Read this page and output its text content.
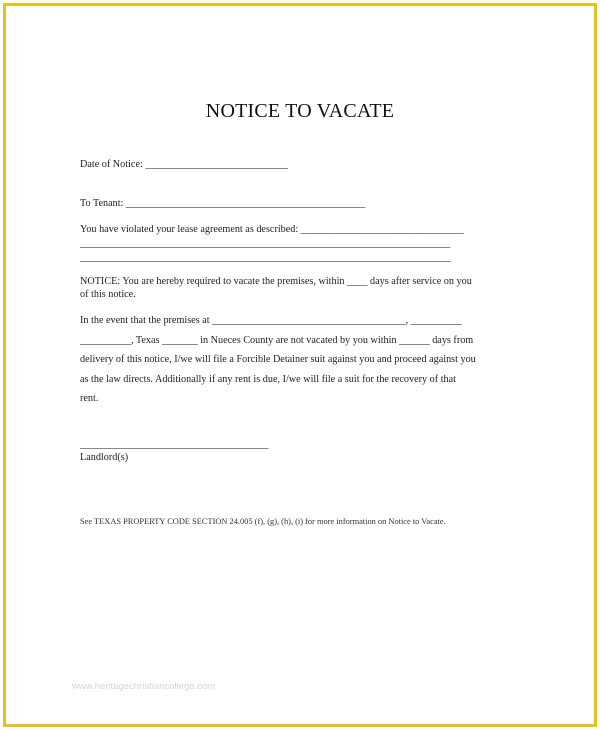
NOTICE TO VACATE
Date of Notice: ____________________________
To Tenant: _______________________________________________
You have violated your lease agreement as described: ________________________________
______________________________________________________________________________
______________________________________________________________________________
NOTICE: You are hereby required to vacate the premises, within ____ days after service on you
of this notice.
In the event that the premises at ______________________________________, __________
__________, Texas _______ in Nueces County are not vacated by you within ______ days from
delivery of this notice, I/we will file a Forcible Detainer suit against you and proceed against you
as the law directs. Additionally if any rent is due, I/we will file a suit for the recovery of that
rent.
_____________________________________
Landlord(s)
See TEXAS PROPERTY CODE SECTION 24.005 (f), (g), (h), (i) for more information on Notice to Vacate.
www.heritagechristiancollege.com
